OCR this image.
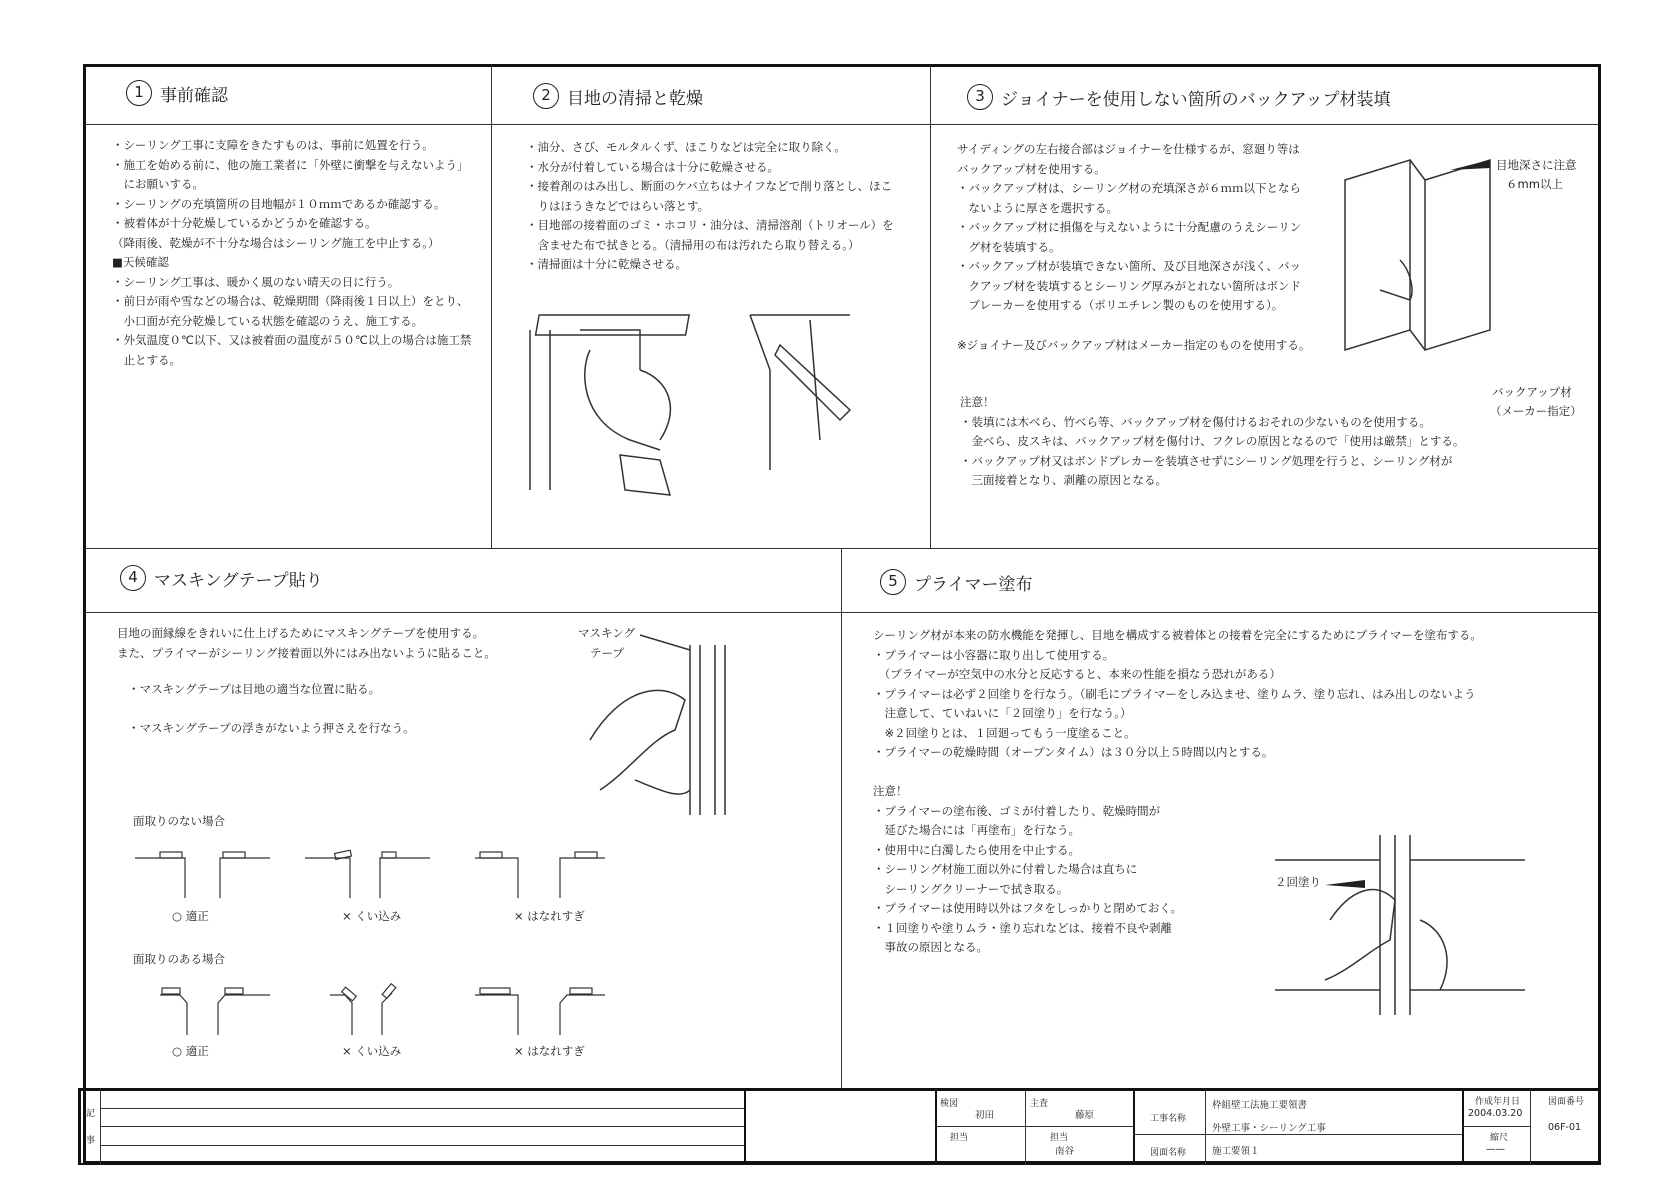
1 事前確認
・シーリング工事に支障をきたすものは、事前に処置を行う。
・施工を始める前に、他の施工業者に「外壁に衝撃を与えないよう」
　にお願いする。
・シーリングの充填箇所の目地幅が１０ｍｍであるか確認する。
・被着体が十分乾燥しているかどうかを確認する。
（降雨後、乾燥が不十分な場合はシーリング施工を中止する。）
■天候確認
・シーリング工事は、暖かく風のない晴天の日に行う。
・前日が雨や雪などの場合は、乾燥期間（降雨後１日以上）をとり、
　小口面が充分乾燥している状態を確認のうえ、施工する。
・外気温度０℃以下、又は被着面の温度が５０℃以上の場合は施工禁
　止とする。
2 目地の清掃と乾燥
・油分、さび、モルタルくず、ほこりなどは完全に取り除く。
・水分が付着している場合は十分に乾燥させる。
・接着剤のはみ出し、断面のケバ立ちはナイフなどで削り落とし、ほこ
　りはほうきなどではらい落とす。
・目地部の接着面のゴミ・ホコリ・油分は、清掃溶剤（トリオール）を
　含ませた布で拭きとる。（清掃用の布は汚れたら取り替える。）
・清掃面は十分に乾燥させる。
3 ジョイナーを使用しない箇所のバックアップ材装填
サイディングの左右接合部はジョイナーを仕様するが、窓廻り等は
バックアップ材を使用する。
・バックアップ材は、シーリング材の充填深さが６ｍｍ以下となら
　ないように厚さを選択する。
・バックアップ材に損傷を与えないように十分配慮のうえシーリン
　グ材を装填する。
・バックアップ材が装填できない箇所、及び目地深さが浅く、バッ
　クアップ材を装填するとシーリング厚みがとれない箇所はボンド
　ブレーカーを使用する（ポリエチレン製のものを使用する）。
※ジョイナー及びバックアップ材はメーカー指定のものを使用する。
注意！
・装填には木べら、竹べら等、バックアップ材を傷付けるおそれの少ないものを使用する。
　金べら、皮スキは、バックアップ材を傷付け、フクレの原因となるので「使用は厳禁」とする。
・バックアップ材又はボンドブレカーを装填させずにシーリング処理を行うと、シーリング材が
　三面接着となり、剥離の原因となる。
目地深さに注意
６mm以上
バックアップ材
（メーカー指定）
4 マスキングテープ貼り
目地の面縁線をきれいに仕上げるためにマスキングテープを使用する。
また、プライマーがシーリング接着面以外にはみ出ないように貼ること。
・マスキングテープは目地の適当な位置に貼る。
・マスキングテープの浮きがないよう押さえを行なう。
マスキング
テープ
面取りのない場合
○ 適正	× くい込み	× はなれすぎ
面取りのある場合
○ 適正	× くい込み	× はなれすぎ
5 プライマー塗布
シーリング材が本来の防水機能を発揮し、目地を構成する被着体との接着を完全にするためにプライマーを塗布する。
・プライマーは小容器に取り出して使用する。
　（プライマーが空気中の水分と反応すると、本来の性能を損なう恐れがある）
・プライマーは必ず２回塗りを行なう。（刷毛にプライマーをしみ込ませ、塗りムラ、塗り忘れ、はみ出しのないよう
　注意して、ていねいに「２回塗り」を行なう。）
　※２回塗りとは、１回廻ってもう一度塗ること。
・プライマーの乾燥時間（オープンタイム）は３０分以上５時間以内とする。
注意！
・プライマーの塗布後、ゴミが付着したり、乾燥時間が
　延びた場合には「再塗布」を行なう。
・使用中に白濁したら使用を中止する。
・シーリング材施工面以外に付着した場合は直ちに
　シーリングクリーナーで拭き取る。
・プライマーは使用時以外はフタをしっかりと閉めておく。
・１回塗りや塗りムラ・塗り忘れなどは、接着不良や剥離
　事故の原因となる。
２回塗り
記
事
検図
初田
主査
藤原
担当	担当
南谷
工事名称
枠組壁工法施工要領書
外壁工事・シーリング工事
図面名称	施工要領１
作成年月日
2004.03.20
縮尺
——
図面番号
06F-01
